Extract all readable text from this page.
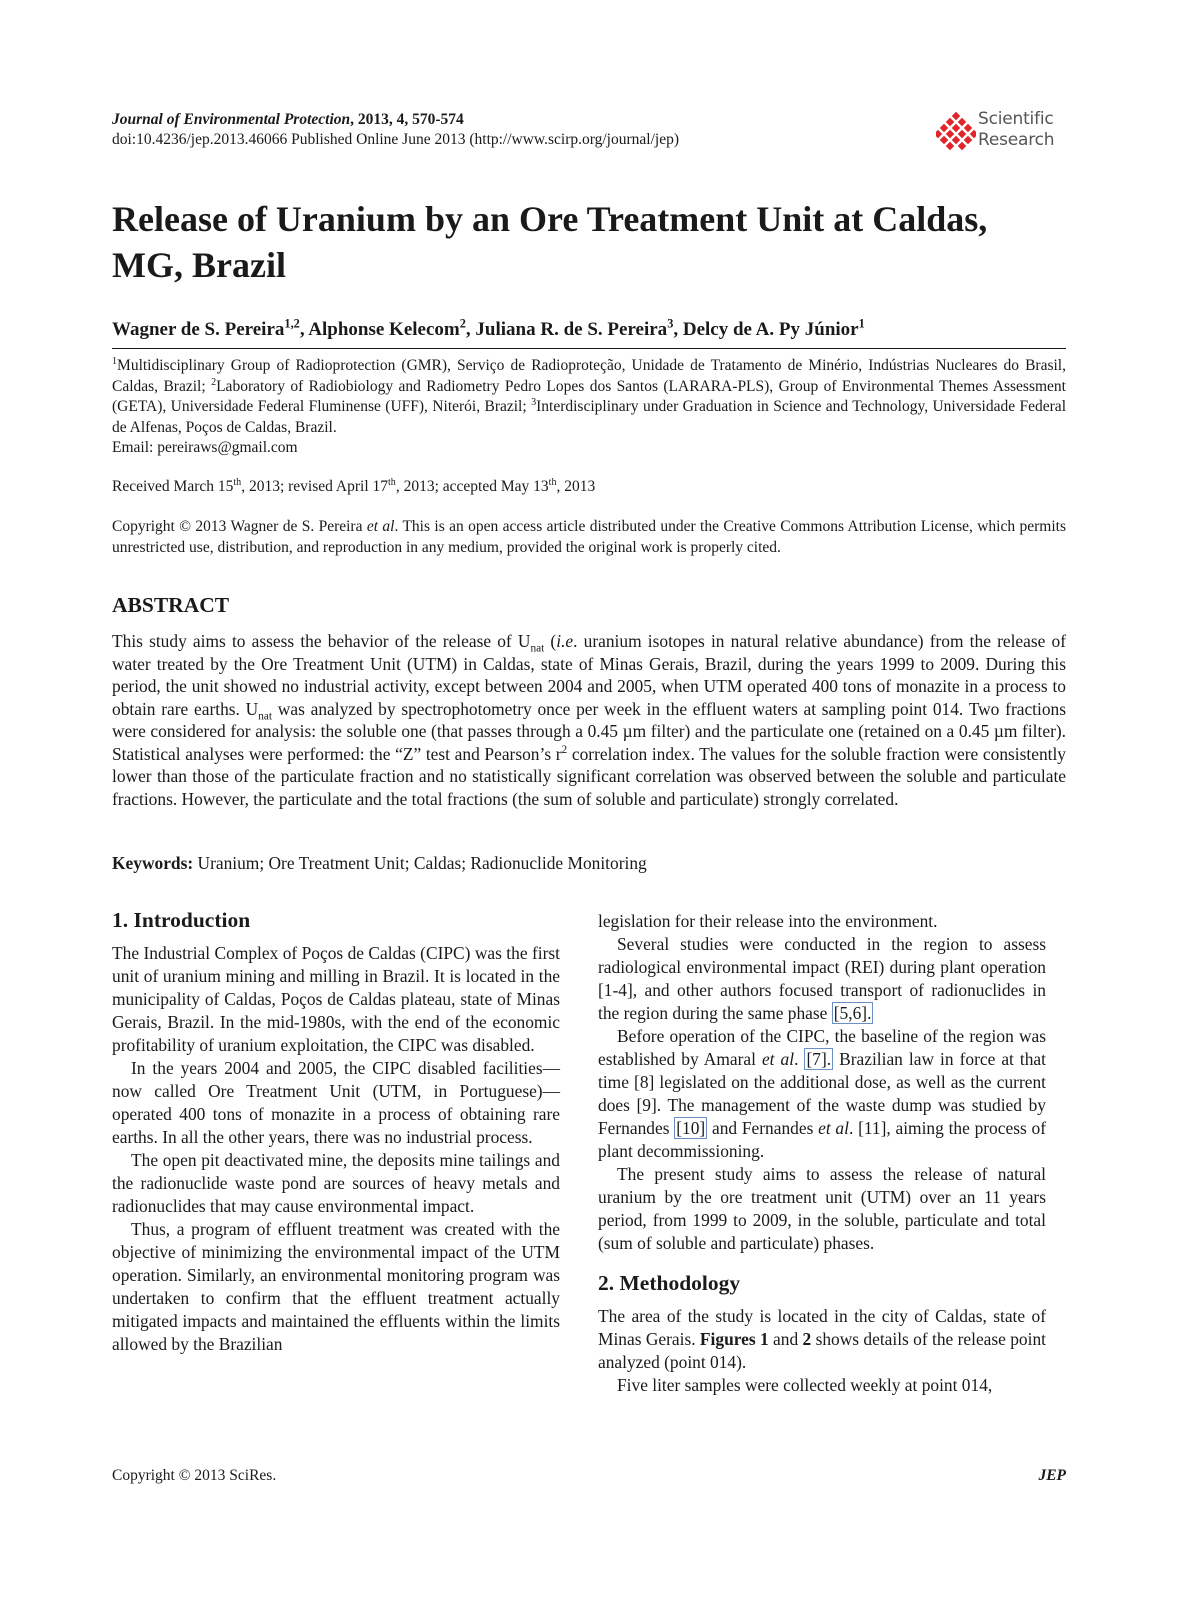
Journal of Environmental Protection, 2013, 4, 570-574
doi:10.4236/jep.2013.46066 Published Online June 2013 (http://www.scirp.org/journal/jep)
Scientific
Research
Release of Uranium by an Ore Treatment Unit at Caldas, MG, Brazil
Wagner de S. Pereira$^{1,2}$, Alphonse Kelecom$^2$, Juliana R. de S. Pereira$^3$, Delcy de A. Py Júnior$^1$
$^1$Multidisciplinary Group of Radioprotection (GMR), Serviço de Radioproteção, Unidade de Tratamento de Minério, Indústrias Nucleares do Brasil, Caldas, Brazil; $^2$Laboratory of Radiobiology and Radiometry Pedro Lopes dos Santos (LARARA-PLS), Group of Environmental Themes Assessment (GETA), Universidade Federal Fluminense (UFF), Niterói, Brazil; $^3$Interdisciplinary under Graduation in Science and Technology, Universidade Federal de Alfenas, Poços de Caldas, Brazil.
Email: pereiraws@gmail.com
Received March 15th, 2013; revised April 17th, 2013; accepted May 13th, 2013
Copyright © 2013 Wagner de S. Pereira et al. This is an open access article distributed under the Creative Commons Attribution License, which permits unrestricted use, distribution, and reproduction in any medium, provided the original work is properly cited.
ABSTRACT

This study aims to assess the behavior of the release of $U_{nat}$ (i.e. uranium isotopes in natural relative abundance) from the release of water treated by the Ore Treatment Unit (UTM) in Caldas, state of Minas Gerais, Brazil, during the years 1999 to 2009. During this period, the unit showed no industrial activity, except between 2004 and 2005, when UTM operated 400 tons of monazite in a process to obtain rare earths. $U_{nat}$ was analyzed by spectrophotometry once per week in the effluent waters at sampling point 014. Two fractions were considered for analysis: the soluble one (that passes through a 0.45 µm filter) and the particulate one (retained on a 0.45 µm filter). Statistical analyses were performed: the “Z” test and Pearson’s $r^2$ correlation index. The values for the soluble fraction were consistently lower than those of the particulate fraction and no statistically significant correlation was observed between the soluble and particulate fractions. However, the particulate and the total fractions (the sum of soluble and particulate) strongly correlated.

Keywords: Uranium; Ore Treatment Unit; Caldas; Radionuclide Monitoring
1. Introduction

The Industrial Complex of Poços de Caldas (CIPC) was the first unit of uranium mining and milling in Brazil. It is located in the municipality of Caldas, Poços de Caldas plateau, state of Minas Gerais, Brazil. In the mid-1980s, with the end of the economic profitability of uranium exploitation, the CIPC was disabled.

In the years 2004 and 2005, the CIPC disabled facilities—now called Ore Treatment Unit (UTM, in Portuguese)—operated 400 tons of monazite in a process of obtaining rare earths. In all the other years, there was no industrial process.

The open pit deactivated mine, the deposits mine tailings and the radionuclide waste pond are sources of heavy metals and radionuclides that may cause environmental impact.

Thus, a program of effluent treatment was created with the objective of minimizing the environmental impact of the UTM operation. Similarly, an environmental monitoring program was undertaken to confirm that the effluent treatment actually mitigated impacts and maintained the effluents within the limits allowed by the Brazilian

legislation for their release into the environment.

Several studies were conducted in the region to assess radiological environmental impact (REI) during plant operation [1-4], and other authors focused transport of radionuclides in the region during the same phase [5,6].

Before operation of the CIPC, the baseline of the region was established by Amaral et al. [7]. Brazilian law in force at that time [8] legislated on the additional dose, as well as the current does [9]. The management of the waste dump was studied by Fernandes [10] and Fernandes et al. [11], aiming the process of plant decommissioning.

The present study aims to assess the release of natural uranium by the ore treatment unit (UTM) over an 11 years period, from 1999 to 2009, in the soluble, particulate and total (sum of soluble and particulate) phases.

2. Methodology

The area of the study is located in the city of Caldas, state of Minas Gerais. Figures 1 and 2 shows details of the release point analyzed (point 014).

Five liter samples were collected weekly at point 014,

Copyright © 2013 SciRes.	JEP
